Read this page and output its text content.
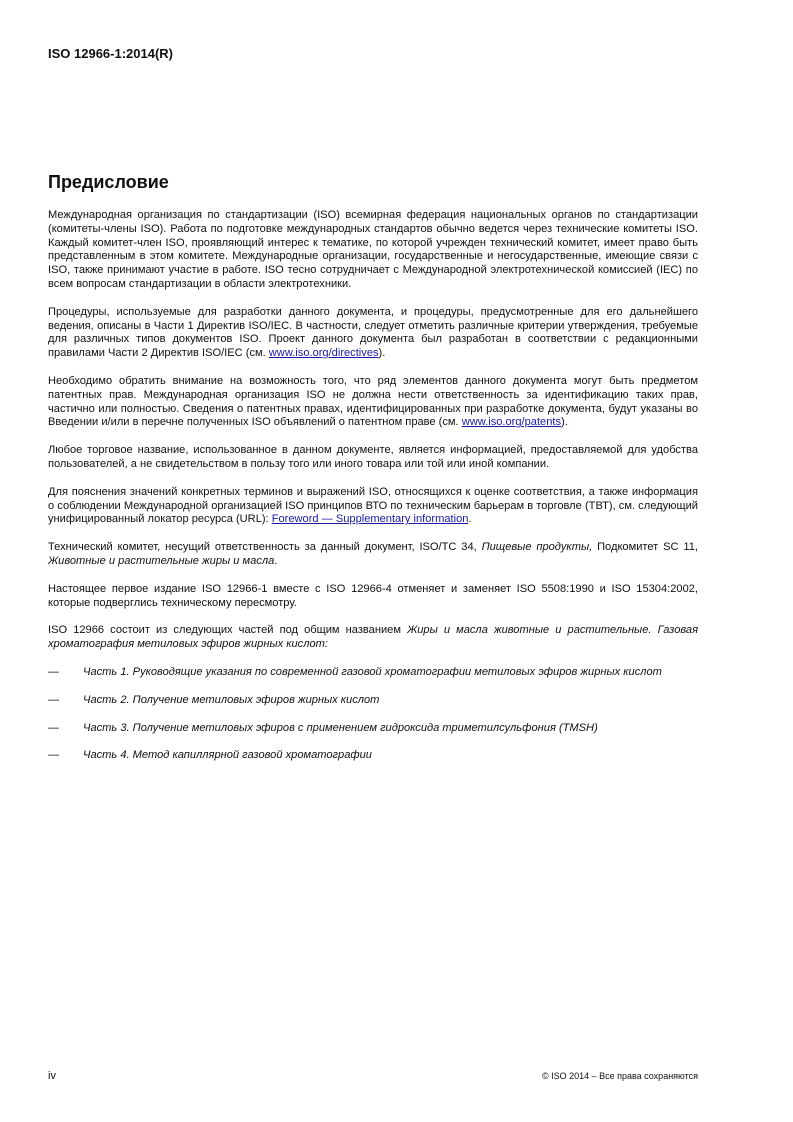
ISO 12966-1:2014(R)
Предисловие

Международная организация по стандартизации (ISO) всемирная федерация национальных органов по стандартизации (комитеты-члены ISO). Работа по подготовке международных стандартов обычно ведется через технические комитеты ISO. Каждый комитет-член ISO, проявляющий интерес к тематике, по которой учрежден технический комитет, имеет право быть представленным в этом комитете. Международные организации, государственные и негосударственные, имеющие связи с ISO, также принимают участие в работе. ISO тесно сотрудничает с Международной электротехнической комиссией (IEC) по всем вопросам стандартизации в области электротехники.

Процедуры, используемые для разработки данного документа, и процедуры, предусмотренные для его дальнейшего ведения, описаны в Части 1 Директив ISO/IEC. В частности, следует отметить различные критерии утверждения, требуемые для различных типов документов ISO. Проект данного документа был разработан в соответствии с редакционными правилами Части 2 Директив ISO/IEC (см. www.iso.org/directives).

Необходимо обратить внимание на возможность того, что ряд элементов данного документа могут быть предметом патентных прав. Международная организация ISO не должна нести ответственность за идентификацию таких прав, частично или полностью. Сведения о патентных правах, идентифицированных при разработке документа, будут указаны во Введении и/или в перечне полученных ISO объявлений о патентном праве (см. www.iso.org/patents).

Любое торговое название, использованное в данном документе, является информацией, предоставляемой для удобства пользователей, а не свидетельством в пользу того или иного товара или той или иной компании.

Для пояснения значений конкретных терминов и выражений ISO, относящихся к оценке соответствия, а также информация о соблюдении Международной организацией ISO принципов ВТО по техническим барьерам в торговле (ТВТ), см. следующий унифицированный локатор ресурса (URL): Foreword — Supplementary information.

Технический комитет, несущий ответственность за данный документ, ISO/TC 34, Пищевые продукты, Подкомитет SC 11, Животные и растительные жиры и масла.

Настоящее первое издание ISO 12966-1 вместе с ISO 12966-4 отменяет и заменяет ISO 5508:1990 и ISO 15304:2002, которые подверглись техническому пересмотру.

ISO 12966 состоит из следующих частей под общим названием Жиры и масла животные и растительные. Газовая хроматография метиловых эфиров жирных кислот:

—	Часть 1. Руководящие указания по современной газовой хроматографии метиловых эфиров жирных кислот
—	Часть 2. Получение метиловых эфиров жирных кислот
—	Часть 3. Получение метиловых эфиров с применением гидроксида триметилсульфония (TMSH)
—	Часть 4. Метод капиллярной газовой хроматографии
iv	© ISO 2014 – Все права сохраняются
